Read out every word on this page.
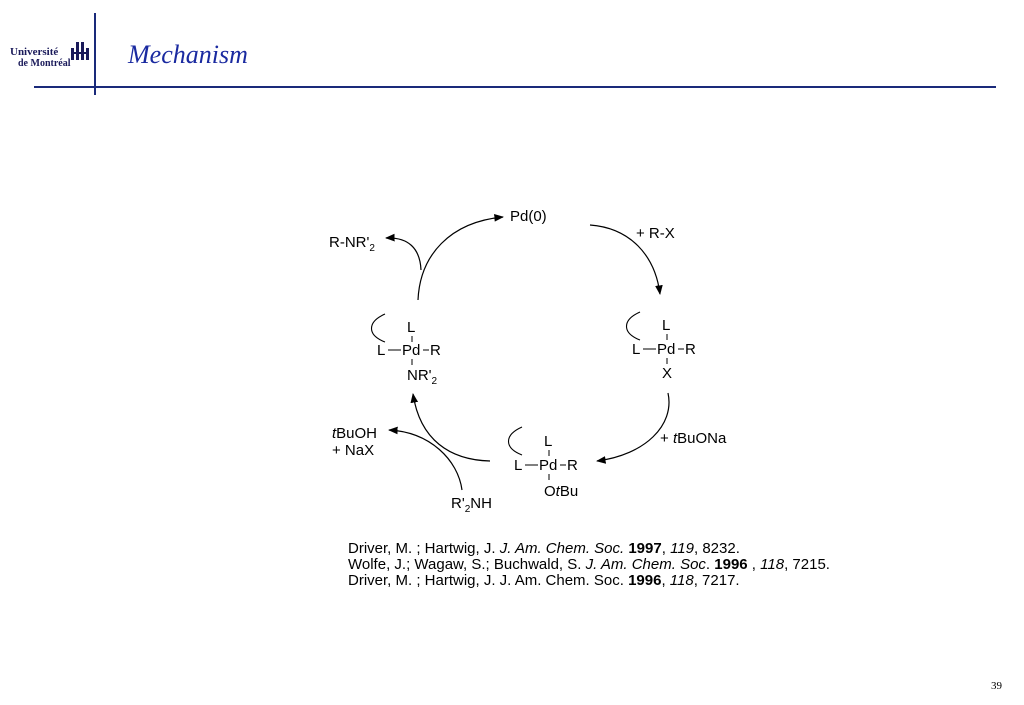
Université
de Montréal Mechanism
Pd(0)
+ R-X
L
L Pd R
X
+ tBuONa
L
L Pd R
OtBu
tBuOH
+ NaX
$R'_2NH$
L
L Pd R
$NR'_2$
$R-NR'_2$
Driver, M. ; Hartwig, J. J. Am. Chem. Soc. 1997, 119, 8232.
Wolfe, J.; Wagaw, S.; Buchwald, S. J. Am. Chem. Soc. 1996 , 118, 7215.
Driver, M. ; Hartwig, J. J. Am. Chem. Soc. 1996, 118, 7217.
39
